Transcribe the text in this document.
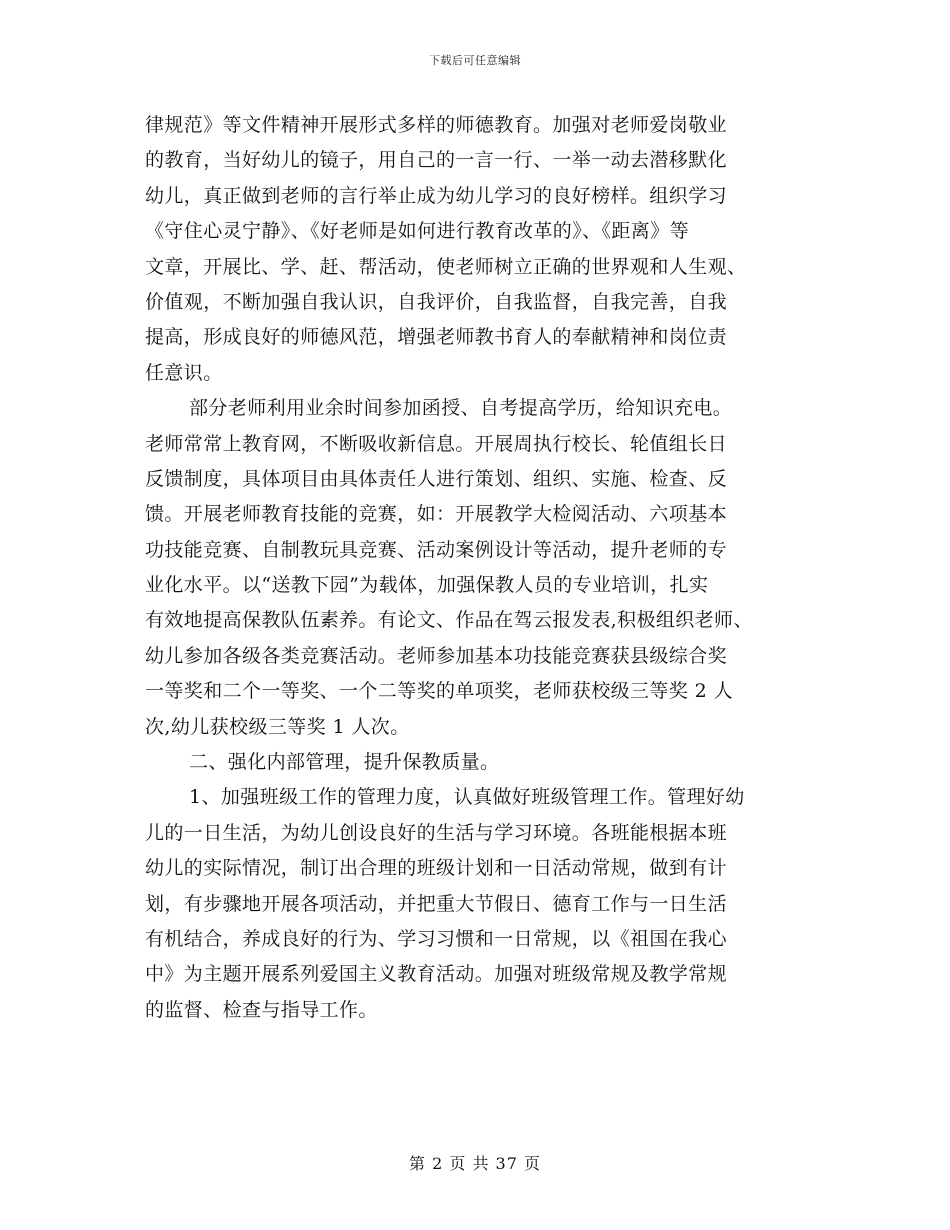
下载后可任意编辑
律规范》等文件精神开展形式多样的师德教育。加强对老师爱岗敬业
的教育，当好幼儿的镜子，用自己的一言一行、一举一动去潜移默化
幼儿，真正做到老师的言行举止成为幼儿学习的良好榜样。组织学习
《守住心灵宁静》、《好老师是如何进行教育改革的》、《距离》等
文章，开展比、学、赶、帮活动，使老师树立正确的世界观和人生观、
价值观，不断加强自我认识，自我评价，自我监督，自我完善，自我
提高，形成良好的师德风范，增强老师教书育人的奉献精神和岗位责
任意识。
部分老师利用业余时间参加函授、自考提高学历，给知识充电。
老师常常上教育网，不断吸收新信息。开展周执行校长、轮值组长日
反馈制度，具体项目由具体责任人进行策划、组织、实施、检查、反
馈。开展老师教育技能的竞赛，如：开展教学大检阅活动、六项基本
功技能竞赛、自制教玩具竞赛、活动案例设计等活动，提升老师的专
业化水平。以“送教下园”为载体，加强保教人员的专业培训，扎实
有效地提高保教队伍素养。有论文、作品在驾云报发表,积极组织老师、
幼儿参加各级各类竞赛活动。老师参加基本功技能竞赛获县级综合奖
一等奖和二个一等奖、一个二等奖的单项奖，老师获校级三等奖 2 人
次,幼儿获校级三等奖 1 人次。
二、强化内部管理，提升保教质量。
1、加强班级工作的管理力度，认真做好班级管理工作。管理好幼
儿的一日生活，为幼儿创设良好的生活与学习环境。各班能根据本班
幼儿的实际情况，制订出合理的班级计划和一日活动常规，做到有计
划，有步骤地开展各项活动，并把重大节假日、德育工作与一日生活
有机结合，养成良好的行为、学习习惯和一日常规，以《祖国在我心
中》为主题开展系列爱国主义教育活动。加强对班级常规及教学常规
的监督、检查与指导工作。
第 2 页 共 37 页
